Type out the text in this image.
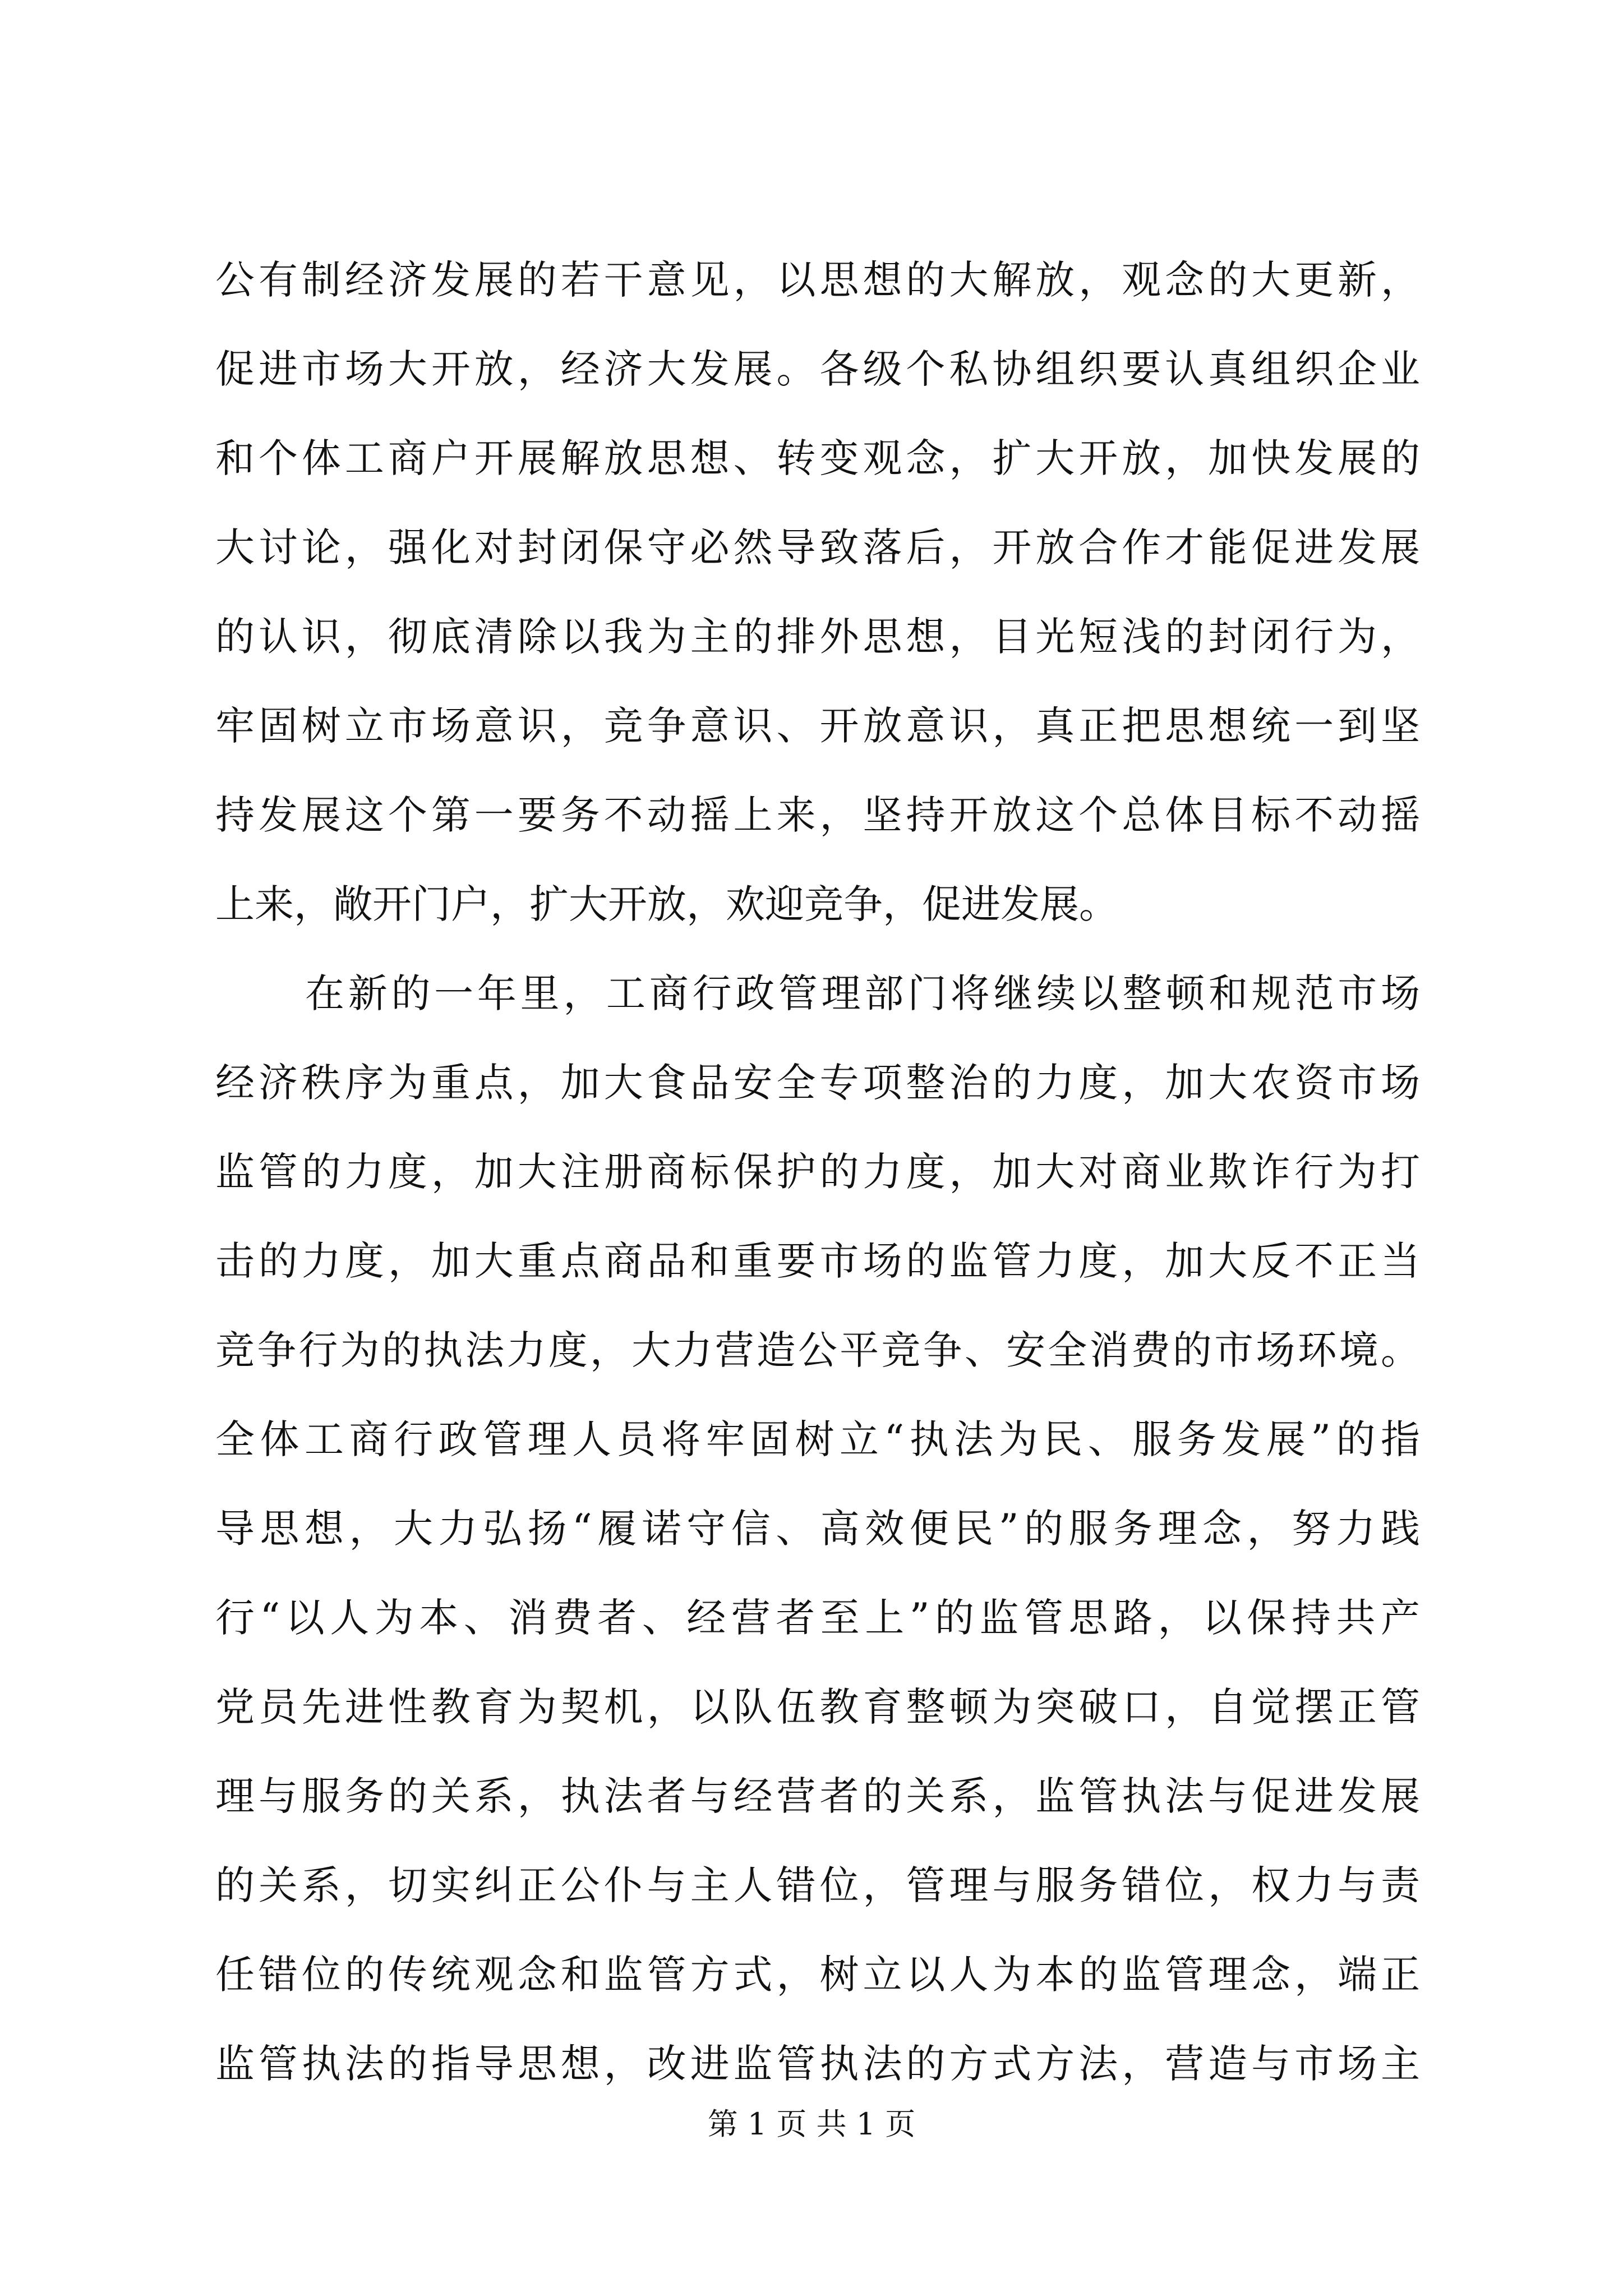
公有制经济发展的若干意见，以思想的大解放，观念的大更新，
促进市场大开放，经济大发展。各级个私协组织要认真组织企业
和个体工商户开展解放思想、转变观念，扩大开放，加快发展的
大讨论，强化对封闭保守必然导致落后，开放合作才能促进发展
的认识，彻底清除以我为主的排外思想，目光短浅的封闭行为，
牢固树立市场意识，竞争意识、开放意识，真正把思想统一到坚
持发展这个第一要务不动摇上来，坚持开放这个总体目标不动摇
上来，敞开门户，扩大开放，欢迎竞争，促进发展。
在新的一年里，工商行政管理部门将继续以整顿和规范市场
经济秩序为重点，加大食品安全专项整治的力度，加大农资市场
监管的力度，加大注册商标保护的力度，加大对商业欺诈行为打
击的力度，加大重点商品和重要市场的监管力度，加大反不正当
竞争行为的执法力度，大力营造公平竞争、安全消费的市场环境。
全体工商行政管理人员将牢固树立“执法为民、服务发展”的指
导思想，大力弘扬“履诺守信、高效便民”的服务理念，努力践
行“以人为本、消费者、经营者至上”的监管思路，以保持共产
党员先进性教育为契机，以队伍教育整顿为突破口，自觉摆正管
理与服务的关系，执法者与经营者的关系，监管执法与促进发展
的关系，切实纠正公仆与主人错位，管理与服务错位，权力与责
任错位的传统观念和监管方式，树立以人为本的监管理念，端正
监管执法的指导思想，改进监管执法的方式方法，营造与市场主
第 1 页 共 1 页
